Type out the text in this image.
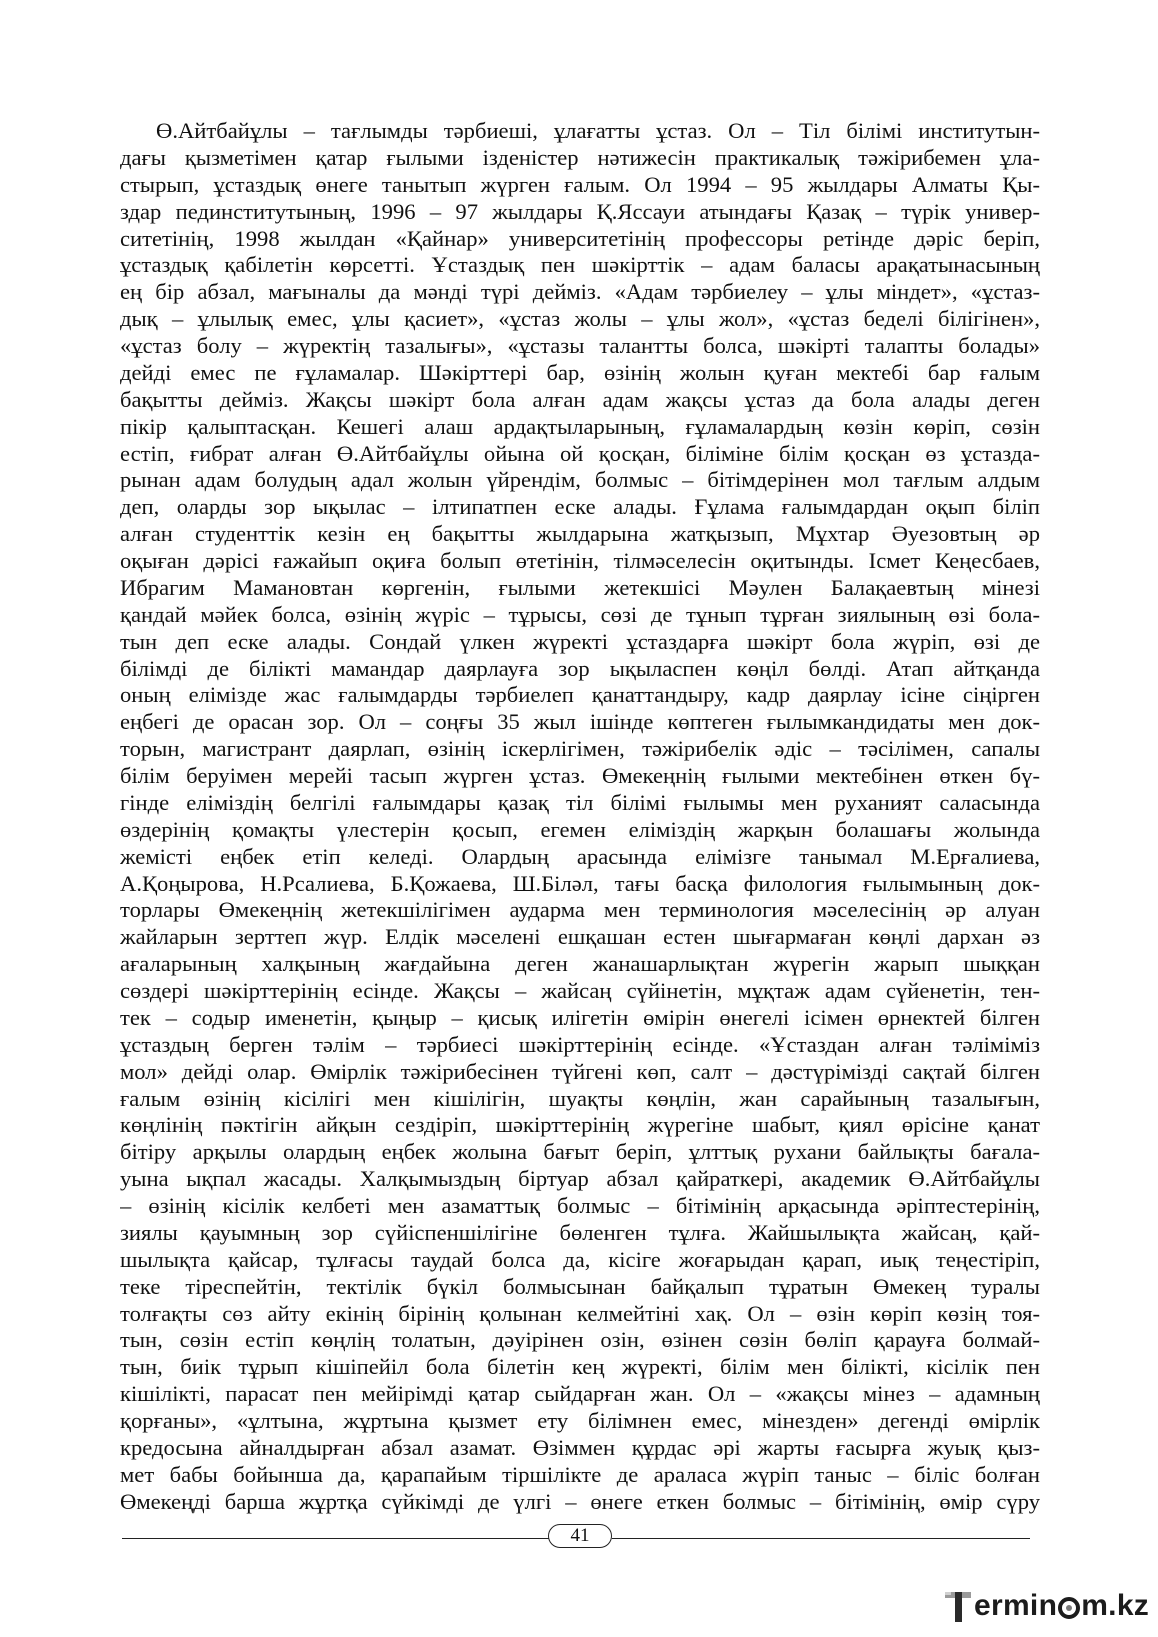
Ө.Айтбайұлы – тағлымды тәрбиеші, ұлағатты ұстаз. Ол – Тіл білімі институтын-
дағы қызметімен қатар ғылыми ізденістер нәтижесін практикалық тәжірибемен ұла-
стырып, ұстаздық өнеге танытып жүрген ғалым. Ол 1994 – 95 жылдары Алматы Қы-
здар пединститутының, 1996 – 97 жылдары Қ.Яссауи атындағы Қазақ – түрік универ-
ситетінің, 1998 жылдан «Қайнар» университетінің профессоры ретінде дәріс беріп,
ұстаздық қабілетін көрсетті. Ұстаздық пен шәкірттік – адам баласы арақатынасының
ең бір абзал, мағыналы да мәнді түрі дейміз. «Адам тәрбиелеу – ұлы міндет», «ұстаз-
дық – ұлылық емес, ұлы қасиет», «ұстаз жолы – ұлы жол», «ұстаз беделі білігінен»,
«ұстаз болу – жүректің тазалығы», «ұстазы талантты болса, шәкірті талапты болады»
дейді емес пе ғұламалар. Шәкірттері бар, өзінің жолын қуған мектебі бар ғалым
бақытты дейміз. Жақсы шәкірт бола алған адам жақсы ұстаз да бола алады деген
пікір қалыптасқан. Кешегі алаш ардақтыларының, ғұламалардың көзін көріп, сөзін
естіп, ғибрат алған Ө.Айтбайұлы ойына ой қосқан, біліміне білім қосқан өз ұстазда-
рынан адам болудың адал жолын үйрендім, болмыс – бітімдерінен мол тағлым алдым
деп, оларды зор ықылас – ілтипатпен еске алады. Ғұлама ғалымдардан оқып біліп
алған студенттік кезін ең бақытты жылдарына жатқызып, Мұхтар Әуезовтың әр
оқыған дәрісі ғажайып оқиға болып өтетінін, тілмәселесін оқитынды. Ісмет Кеңесбаев,
Ибрагим Мамановтан көргенін, ғылыми жетекшісі Мәулен Балақаевтың мінезі
қандай мәйек болса, өзінің жүріс – тұрысы, сөзі де тұнып тұрған зиялының өзі бола-
тын деп еске алады. Сондай үлкен жүректі ұстаздарға шәкірт бола жүріп, өзі де
білімді де білікті мамандар даярлауға зор ықыласпен көңіл бөлді. Атап айтқанда
оның елімізде жас ғалымдарды тәрбиелеп қанаттандыру, кадр даярлау ісіне сіңірген
еңбегі де орасан зор. Ол – соңғы 35 жыл ішінде көптеген ғылымкандидаты мен док-
торын, магистрант даярлап, өзінің іскерлігімен, тәжірибелік әдіс – тәсілімен, сапалы
білім беруімен мерейі тасып жүрген ұстаз. Өмекеңнің ғылыми мектебінен өткен бү-
гінде еліміздің белгілі ғалымдары қазақ тіл білімі ғылымы мен руханият саласында
өздерінің қомақты үлестерін қосып, егемен еліміздің жарқын болашағы жолында
жемісті еңбек етіп келеді. Олардың арасында елімізге танымал М.Ерғалиева,
А.Қоңырова, Н.Рсалиева, Б.Қожаева, Ш.Білəл, тағы басқа филология ғылымының док-
торлары Өмекеңнің жетекшілігімен аударма мен терминология мәселесінің әр алуан
жайларын зерттеп жүр. Елдік мәселені ешқашан естен шығармаған көңлі дархан әз
ағаларының халқының жағдайына деген жанашарлықтан жүрегін жарып шыққан
сөздері шәкірттерінің есінде. Жақсы – жайсаң сүйінетін, мұқтаж адам сүйенетін, тен-
тек – содыр именетін, қыңыр – қисық илігетін өмірін өнегелі ісімен өрнектей білген
ұстаздың берген тәлім – тәрбиесі шәкірттерінің есінде. «Ұстаздан алған тәліміміз
мол» дейді олар. Өмірлік тәжірибесінен түйгені көп, салт – дәстүрімізді сақтай білген
ғалым өзінің кісілігі мен кішілігін, шуақты көңлін, жан сарайының тазалығын,
көңлінің пәктігін айқын сездіріп, шәкірттерінің жүрегіне шабыт, қиял өрісіне қанат
бітіру арқылы олардың еңбек жолына бағыт беріп, ұлттық рухани байлықты бағала-
уына ықпал жасады. Халқымыздың біртуар абзал қайраткері, академик Ө.Айтбайұлы
– өзінің кісілік келбеті мен азаматтық болмыс – бітімінің арқасында әріптестерінің,
зиялы қауымның зор сүйіспеншілігіне бөленген тұлға. Жайшылықта жайсаң, қай-
шылықта қайсар, тұлғасы таудай болса да, кісіге жоғарыдан қарап, иық теңестіріп,
теке тіреспейтін, тектілік бүкіл болмысынан байқалып тұратын Өмекең туралы
толғақты сөз айту екінің бірінің қолынан келмейтіні хақ. Ол – өзін көріп көзің тоя-
тын, сөзін естіп көңлің толатын, дәуірінен озін, өзінен сөзін бөліп қарауға болмай-
тын, биік тұрып кішіпейіл бола білетін кең жүректі, білім мен білікті, кісілік пен
кішілікті, парасат пен мейірімді қатар сыйдарған жан. Ол – «жақсы мінез – адамның
қорғаны», «ұлтына, жұртына қызмет ету білімнен емес, мінезден» дегенді өмірлік
кредосына айналдырған абзал азамат. Өзіммен құрдас әрі жарты ғасырға жуық қыз-
мет бабы бойынша да, қарапайым тіршілікте де араласа жүріп таныс – біліс болған
Өмекеңді барша жұртқа сүйкімді де үлгі – өнеге еткен болмыс – бітімінің, өмір сүру
41
ermin m.kz
